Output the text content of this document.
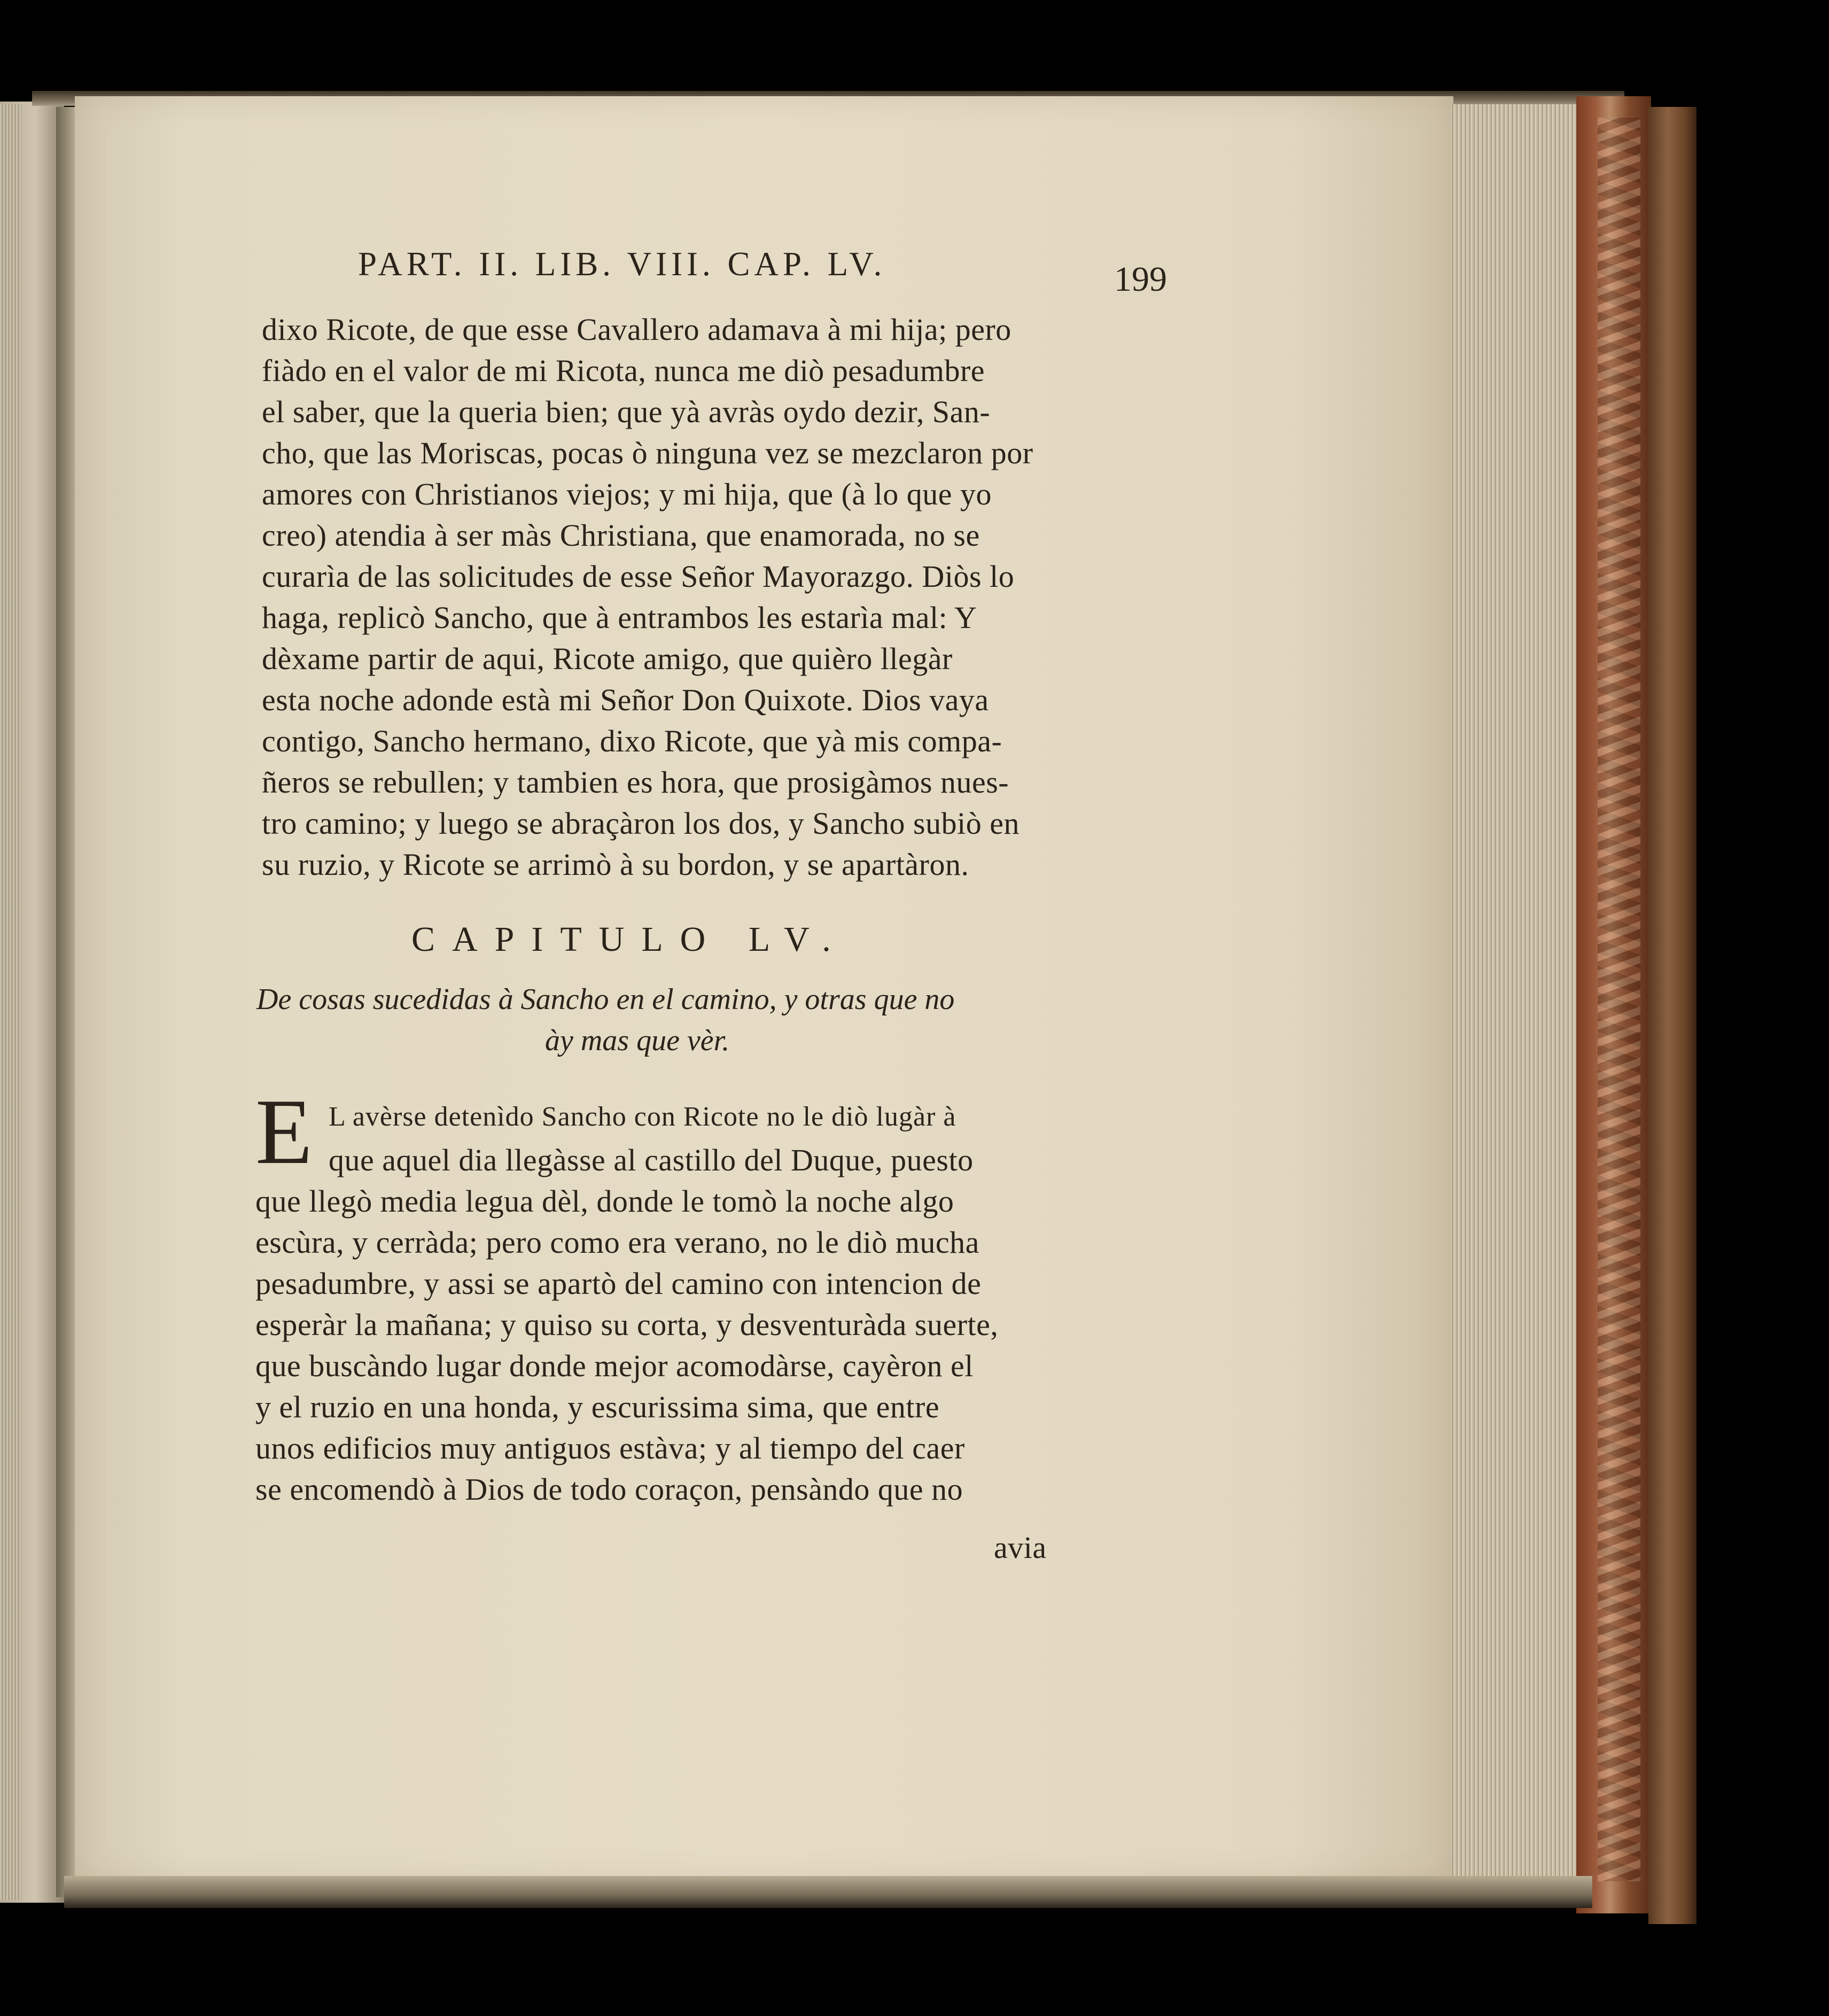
PART. II. LIB. VIII. CAP. LV.	199
dixo Ricote, de que esse Cavallero adamava à mi hija; pero
fiàdo en el valor de mi Ricota, nunca me diò pesadumbre
el saber, que la queria bien; que yà avràs oydo dezir, San-
cho, que las Moriscas, pocas ò ninguna vez se mezclaron por
amores con Christianos viejos; y mi hija, que (à lo que yo
creo) atendia à ser màs Christiana, que enamorada, no se
curarìa de las solicitudes de esse Señor Mayorazgo. Diòs lo
haga, replicò Sancho, que à entrambos les estarìa mal: Y
dèxame partir de aqui, Ricote amigo, que quièro llegàr
esta noche adonde està mi Señor Don Quixote. Dios vaya
contigo, Sancho hermano, dixo Ricote, que yà mis compa-
ñeros se rebullen; y tambien es hora, que prosigàmos nues-
tro camino; y luego se abraçàron los dos, y Sancho subiò en
su ruzio, y Ricote se arrimò à su bordon, y se apartàron.
CAPITULO LV.
De cosas sucedidas à Sancho en el camino, y otras que no
ày mas que vèr.
E L avèrse detenìdo Sancho con Ricote no le diò lugàr à
que aquel dia llegàsse al castillo del Duque, puesto
que llegò media legua dèl, donde le tomò la noche algo
escùra, y cerràda; pero como era verano, no le diò mucha
pesadumbre, y assi se apartò del camino con intencion de
esperàr la mañana; y quiso su corta, y desventuràda suerte,
que buscàndo lugar donde mejor acomodàrse, cayèron el
y el ruzio en una honda, y escurissima sima, que entre
unos edificios muy antiguos estàva; y al tiempo del caer
se encomendò à Dios de todo coraçon, pensàndo que no
avia
